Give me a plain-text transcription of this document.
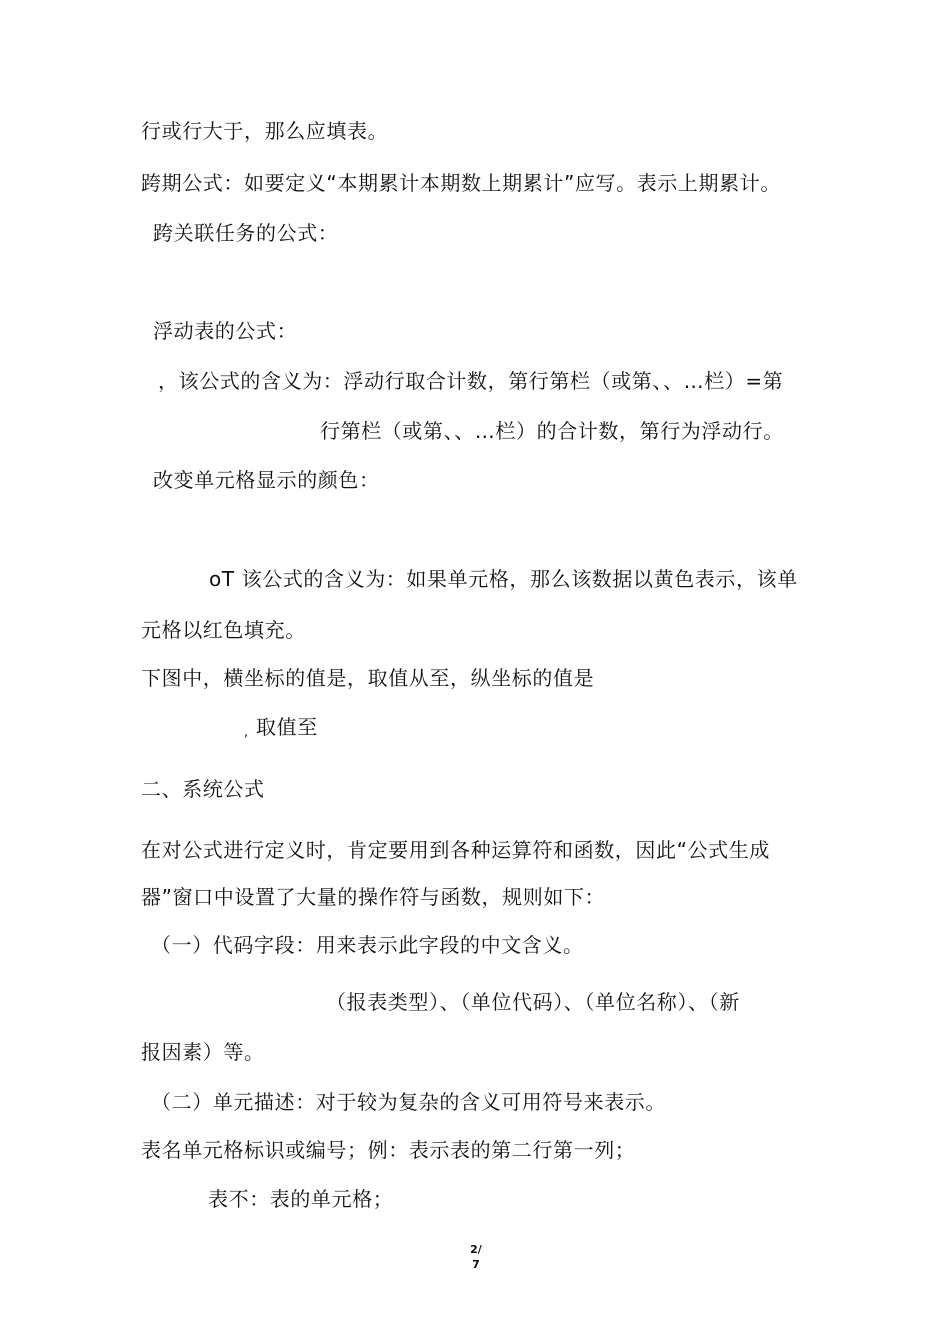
行或行大于，那么应填表。
跨期公式：如要定义“本期累计本期数上期累计”应写。表示上期累计。
跨关联任务的公式：
浮动表的公式：
，该公式的含义为：浮动行取合计数，第行第栏（或第、、…栏）=第
行第栏（或第、、…栏）的合计数，第行为浮动行。
改变单元格显示的颜色：
oT 该公式的含义为：如果单元格，那么该数据以黄色表示，该单
元格以红色填充。
下图中，横坐标的值是，取值从至，纵坐标的值是
, 取值至
二、系统公式
在对公式进行定义时，肯定要用到各种运算符和函数，因此“公式生成
器”窗口中设置了大量的操作符与函数，规则如下：
（一）代码字段：用来表示此字段的中文含义。
（报表类型）、（单位代码）、（单位名称）、（新
报因素）等。
（二）单元描述：对于较为复杂的含义可用符号来表示。
表名单元格标识或编号；例：表示表的第二行第一列；
表不：表的单元格；
2/
7
